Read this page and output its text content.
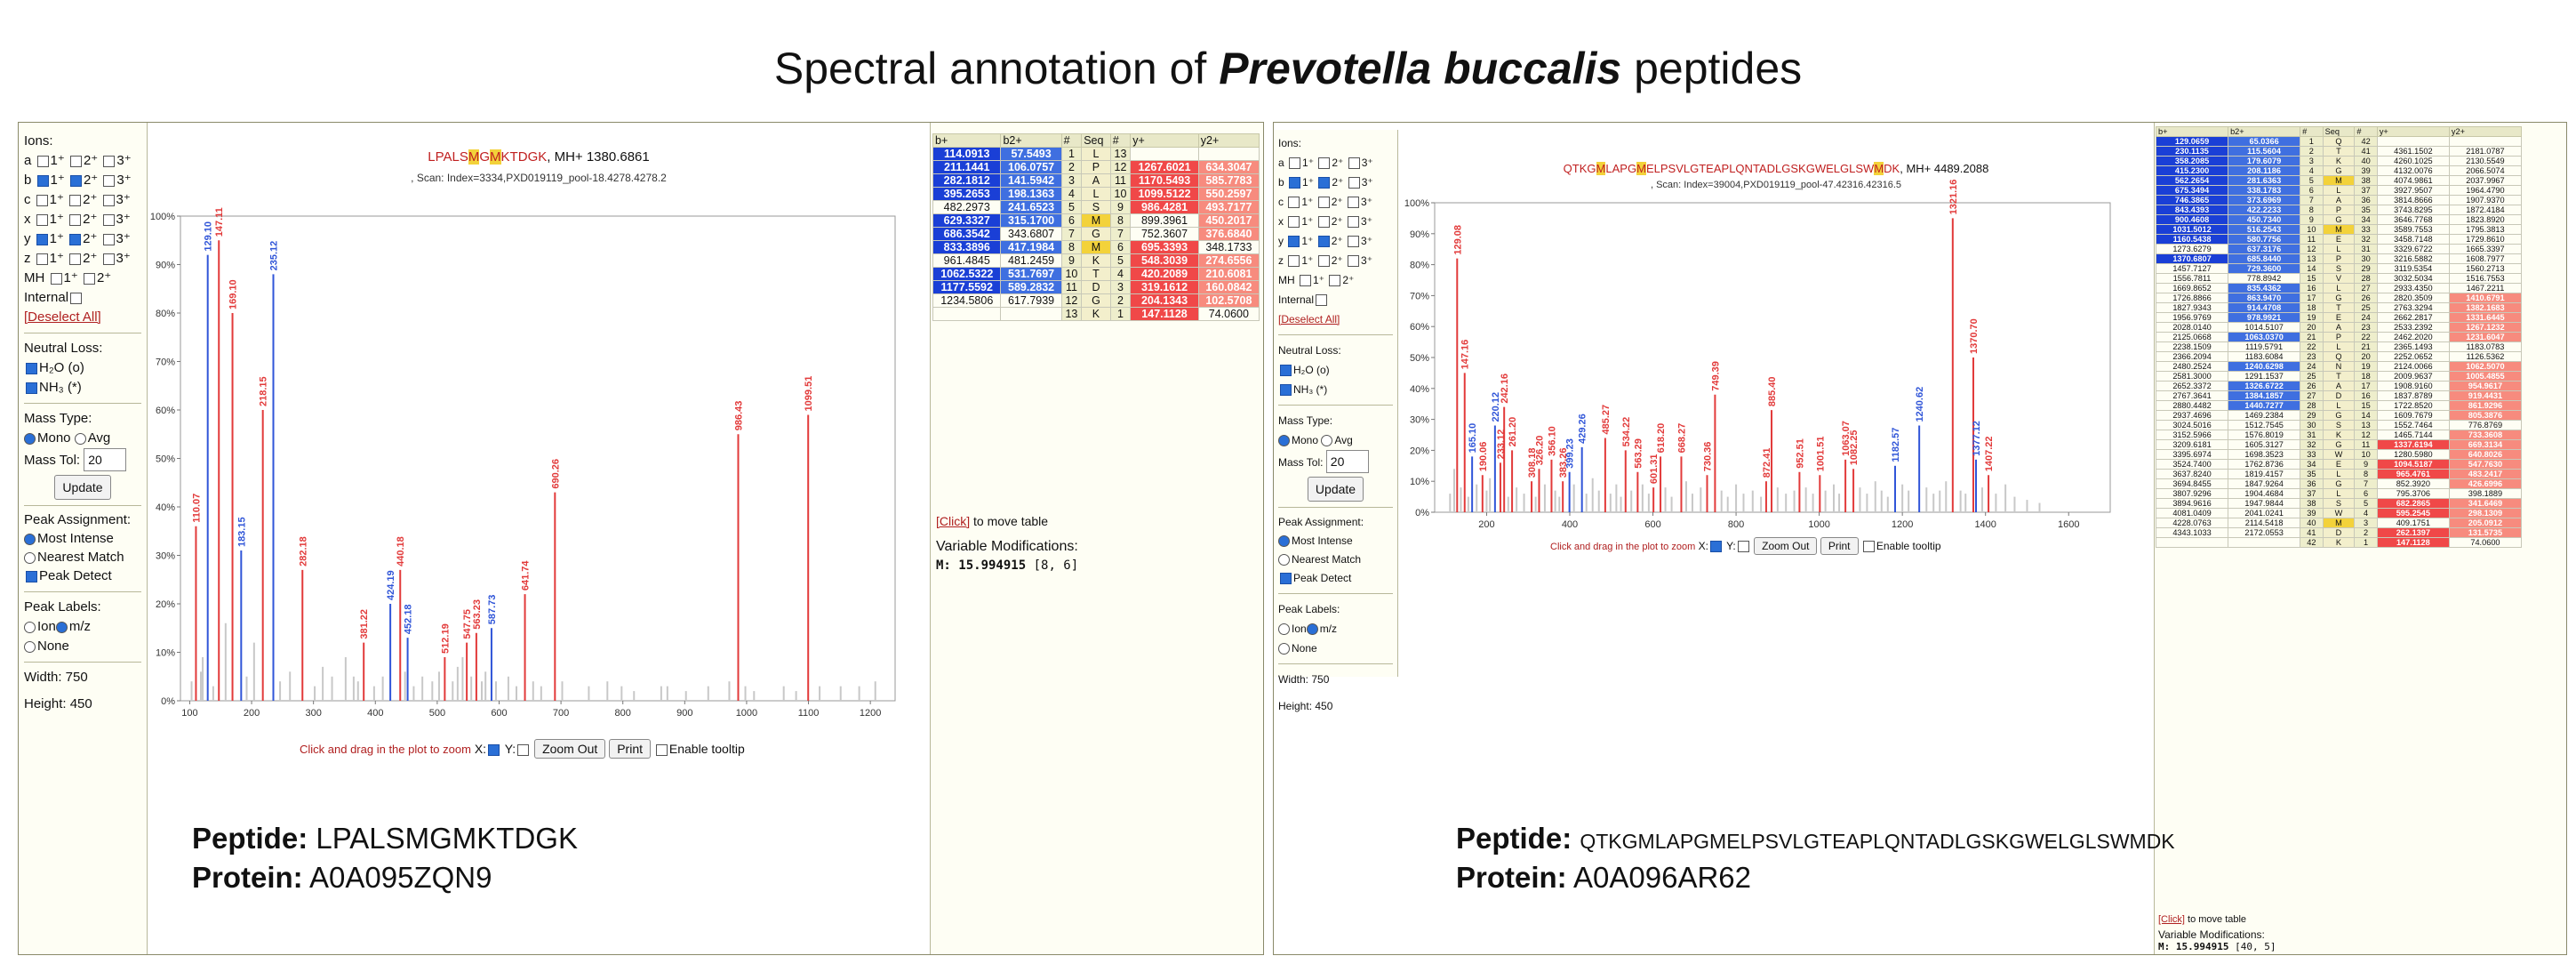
Spectral annotation of Prevotella buccalis peptides
Ions:
a 1⁺ 2⁺ 3⁺
b 1⁺ 2⁺ 3⁺
c 1⁺ 2⁺ 3⁺
x 1⁺ 2⁺ 3⁺
y 1⁺ 2⁺ 3⁺
z 1⁺ 2⁺ 3⁺
MH 1⁺ 2⁺
Internal
[Deselect All]
Neutral Loss:
H₂O (o)
NH₃ (*)
Mass Type:
Mono Avg
Mass Tol: 20
Update
Peak Assignment:
Most Intense
Nearest Match
Peak Detect
Peak Labels:
Ion m/z
None
Width: 750
Height: 450
LPALSMGMKTDGK, MH+ 1380.6861
, Scan: Index=3334,PXD019119_pool-18.4278.4278.2
0%
10%
20%
30%
40%
50%
60%
70%
80%
90%
100%
100	200	300	400	500	600	700	800	900	1000	1100	1200
110.07
129.10 147.11
169.10
183.15
218.15
235.12
282.18
381.22
424.19
440.18
452.18
512.19 547.75
563.23 587.73
641.74
690.26
986.43
1099.51
Click and drag in the plot to zoom X: Y: Zoom Out Print Enable tooltip
b+	b2+	#	Seq	#	y+	y2+
114.0913	57.5493	1	L	13		
211.1441	106.0757	2	P	12	1267.6021	634.3047
282.1812	141.5942	3	A	11	1170.5493	585.7783
395.2653	198.1363	4	L	10	1099.5122	550.2597
482.2973	241.6523	5	S	9	986.4281	493.7177
629.3327	315.1700	6	M	8	899.3961	450.2017
686.3542	343.6807	7	G	7	752.3607	376.6840
833.3896	417.1984	8	M	6	695.3393	348.1733
961.4845	481.2459	9	K	5	548.3039	274.6556
1062.5322	531.7697	10	T	4	420.2089	210.6081
1177.5592	589.2832	11	D	3	319.1612	160.0842
1234.5806	617.7939	12	G	2	204.1343	102.5708
		13	K	1	147.1128	74.0600
[Click] to move table
Variable Modifications:
M: 15.994915 [8, 6]
Peptide: LPALSMGMKTDGK
Protein: A0A095ZQN9
Ions:
a 1⁺ 2⁺ 3⁺
b 1⁺ 2⁺ 3⁺
c 1⁺ 2⁺ 3⁺
x 1⁺ 2⁺ 3⁺
y 1⁺ 2⁺ 3⁺
z 1⁺ 2⁺ 3⁺
MH 1⁺ 2⁺
Internal
[Deselect All]
Neutral Loss:
H₂O (o)
NH₃ (*)
Mass Type:
Mono Avg
Mass Tol: 20
Update
Peak Assignment:
Most Intense
Nearest Match
Peak Detect
Peak Labels:
Ion m/z
None
Width: 750
Height: 450
QTKGMLAPGMELPSVLGTEAPLQNTADLGSKGWELGLSWMDK, MH+ 4489.2088
, Scan: Index=39004,PXD019119_pool-47.42316.42316.5
0%
10%
20%
30%
40%
50%
60%
70%
80%
90%
100%
200	400	600	800	1000	1200	1400	1600
129.08
147.16
165.10
190.06
220.12
233.12
242.16
261.20
308.18
326.20 356.10
383.26
399.23
429.26 485.27 534.22
563.29
601.31
618.20 668.27
730.36
749.39
872.41
885.40
952.51 1001.51 1063.07
1082.25	1182.57
1240.62
1321.16
1370.70
1377.12 1407.22
Click and drag in the plot to zoom X: Y: Zoom Out Print Enable tooltip
b+	b2+	#	Seq	#	y+	y2+
129.0659	65.0366	1	Q	42		
230.1135	115.5604	2	T	41	4361.1502	2181.0787
358.2085	179.6079	3	K	40	4260.1025	2130.5549
415.2300	208.1186	4	G	39	4132.0076	2066.5074
562.2654	281.6363	5	M	38	4074.9861	2037.9967
675.3494	338.1783	6	L	37	3927.9507	1964.4790
746.3865	373.6969	7	A	36	3814.8666	1907.9370
843.4393	422.2233	8	P	35	3743.8295	1872.4184
900.4608	450.7340	9	G	34	3646.7768	1823.8920
1031.5012	516.2543	10	M	33	3589.7553	1795.3813
1160.5438	580.7756	11	E	32	3458.7148	1729.8610
1273.6279	637.3176	12	L	31	3329.6722	1665.3397
1370.6807	685.8440	13	P	30	3216.5882	1608.7977
1457.7127	729.3600	14	S	29	3119.5354	1560.2713
1556.7811	778.8942	15	V	28	3032.5034	1516.7553
1669.8652	835.4362	16	L	27	2933.4350	1467.2211
1726.8866	863.9470	17	G	26	2820.3509	1410.6791
1827.9343	914.4708	18	T	25	2763.3294	1382.1683
1956.9769	978.9921	19	E	24	2662.2817	1331.6445
2028.0140	1014.5107	20	A	23	2533.2392	1267.1232
2125.0668	1063.0370	21	P	22	2462.2020	1231.6047
2238.1509	1119.5791	22	L	21	2365.1493	1183.0783
2366.2094	1183.6084	23	Q	20	2252.0652	1126.5362
2480.2524	1240.6298	24	N	19	2124.0066	1062.5070
2581.3000	1291.1537	25	T	18	2009.9637	1005.4855
2652.3372	1326.6722	26	A	17	1908.9160	954.9617
2767.3641	1384.1857	27	D	16	1837.8789	919.4431
2880.4482	1440.7277	28	L	15	1722.8520	861.9296
2937.4696	1469.2384	29	G	14	1609.7679	805.3876
3024.5016	1512.7545	30	S	13	1552.7464	776.8769
3152.5966	1576.8019	31	K	12	1465.7144	733.3608
3209.6181	1605.3127	32	G	11	1337.6194	669.3134
3395.6974	1698.3523	33	W	10	1280.5980	640.8026
3524.7400	1762.8736	34	E	9	1094.5187	547.7630
3637.8240	1819.4157	35	L	8	965.4761	483.2417
3694.8455	1847.9264	36	G	7	852.3920	426.6996
3807.9296	1904.4684	37	L	6	795.3706	398.1889
3894.9616	1947.9844	38	S	5	682.2865	341.6469
4081.0409	2041.0241	39	W	4	595.2545	298.1309
4228.0763	2114.5418	40	M	3	409.1751	205.0912
4343.1033	2172.0553	41	D	2	262.1397	131.5735
		42	K	1	147.1128	74.0600
[Click] to move table
Variable Modifications:
M: 15.994915 [40, 5]
Peptide: QTKGMLAPGMELPSVLGTEAPLQNTADLGSKGWELGLSWMDK
Protein: A0A096AR62
